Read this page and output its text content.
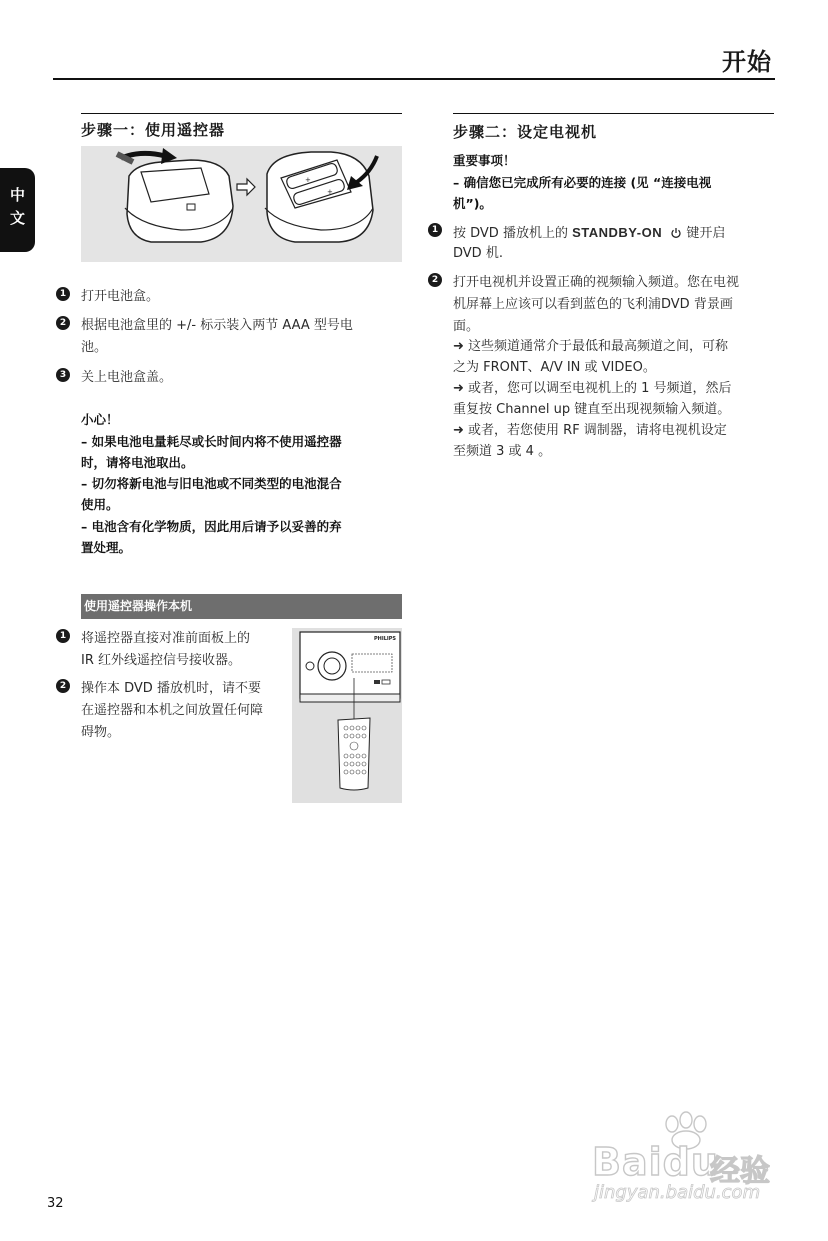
开始
中文
步骤一：使用遥控器
+
+
1 打开电池盒。
2 根据电池盒里的 +/- 标示装入两节 AAA 型号电
池。
3 关上电池盒盖。
小心！
– 如果电池电量耗尽或长时间内将不使用遥控器
时，请将电池取出。
– 切勿将新电池与旧电池或不同类型的电池混合
使用。
– 电池含有化学物质，因此用后请予以妥善的弃
置处理。
使用遥控器操作本机
1 将遥控器直接对准前面板上的
IR 红外线遥控信号接收器。
2 操作本 DVD 播放机时，请不要
在遥控器和本机之间放置任何障
碍物。
PHILIPS
步骤二：设定电视机
重要事项！
– 确信您已完成所有必要的连接 (见 “连接电视
机”)。
1 按 DVD 播放机上的 STANDBY-ON  键开启
DVD 机.
2 打开电视机并设置正确的视频输入频道。您在电视
机屏幕上应该可以看到蓝色的飞利浦DVD 背景画
面。
➜ 这些频道通常介于最低和最高频道之间，可称
之为 FRONT、A/V IN 或 VIDEO。
➜ 或者，您可以调至电视机上的 1 号频道，然后
重复按 Channel up 键直至出现视频输入频道。
➜ 或者，若您使用 RF 调制器，请将电视机设定
至频道 3 或 4 。
32
Baidu
经验
jingyan.baidu.com
